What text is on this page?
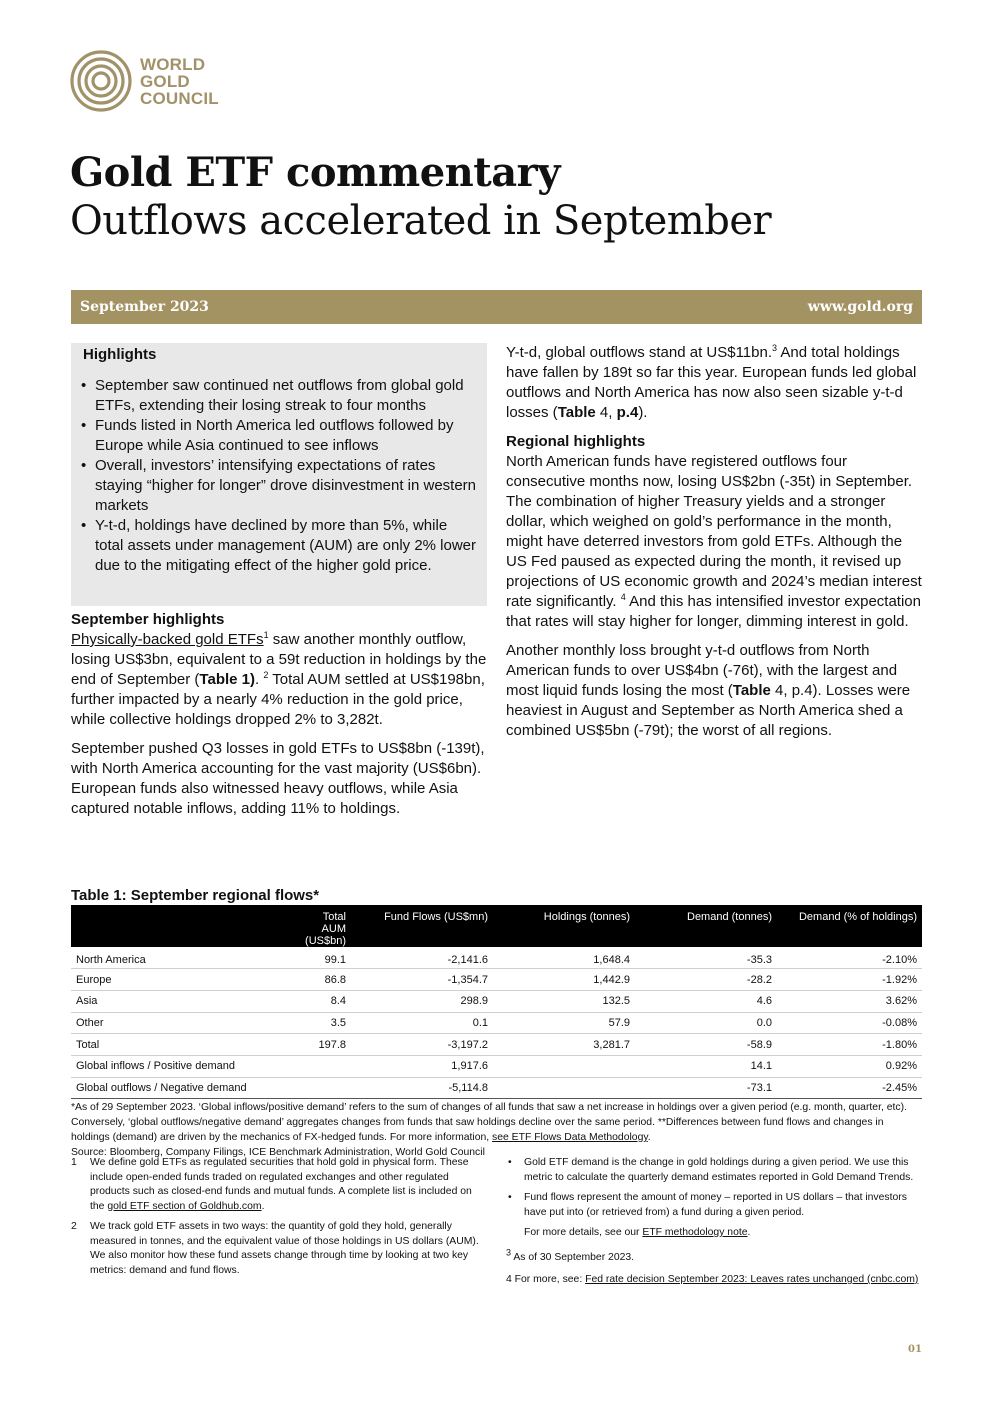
WORLD
GOLD
COUNCIL
Gold ETF commentary
Outflows accelerated in September
September 2023	www.gold.org
Highlights
• September saw continued net outflows from global gold ETFs, extending their losing streak to four months
• Funds listed in North America led outflows followed by Europe while Asia continued to see inflows
• Overall, investors’ intensifying expectations of rates staying “higher for longer” drove disinvestment in western markets
• Y-t-d, holdings have declined by more than 5%, while total assets under management (AUM) are only 2% lower due to the mitigating effect of the higher gold price.
September highlights

Physically-backed gold ETFs$^1$ saw another monthly outflow, losing US$3bn, equivalent to a 59t reduction in holdings by the end of September (Table 1). $^2$ Total AUM settled at US$198bn, further impacted by a nearly 4% reduction in the gold price, while collective holdings dropped 2% to 3,282t.

September pushed Q3 losses in gold ETFs to US$8bn (-139t), with North America accounting for the vast majority (US$6bn). European funds also witnessed heavy outflows, while Asia captured notable inflows, adding 11% to holdings.

Y-t-d, global outflows stand at US$11bn.$^3$ And total holdings have fallen by 189t so far this year. European funds led global outflows and North America has now also seen sizable y-t-d losses (Table 4, p.4).

Regional highlights

North American funds have registered outflows four consecutive months now, losing US$2bn (-35t) in September. The combination of higher Treasury yields and a stronger dollar, which weighed on gold’s performance in the month, might have deterred investors from gold ETFs. Although the US Fed paused as expected during the month, it revised up projections of US economic growth and 2024’s median interest rate significantly. $^4$ And this has intensified investor expectation that rates will stay higher for longer, dimming interest in gold.

Another monthly loss brought y-t-d outflows from North American funds to over US$4bn (-76t), with the largest and most liquid funds losing the most (Table 4, p.4). Losses were heaviest in August and September as North America shed a combined US$5bn (-79t); the worst of all regions.

Table 1: September regional flows*
	Total AUM (US$bn)	Fund Flows (US$mn)	Holdings (tonnes)	Demand (tonnes)	Demand (% of holdings)
North America	99.1	-2,141.6	1,648.4	-35.3	-2.10%
Europe	86.8	-1,354.7	1,442.9	-28.2	-1.92%
Asia	8.4	298.9	132.5	4.6	3.62%
Other	3.5	0.1	57.9	0.0	-0.08%
Total	197.8	-3,197.2	3,281.7	-58.9	-1.80%
Global inflows / Positive demand		1,917.6		14.1	0.92%
Global outflows / Negative demand		-5,114.8		-73.1	-2.45%
*As of 29 September 2023. ‘Global inflows/positive demand’ refers to the sum of changes of all funds that saw a net increase in holdings over a given period (e.g. month, quarter, etc). Conversely, ‘global outflows/negative demand’ aggregates changes from funds that saw holdings decline over the same period. **Differences between fund flows and changes in holdings (demand) are driven by the mechanics of FX-hedged funds. For more information, see ETF Flows Data Methodology.
Source: Bloomberg, Company Filings, ICE Benchmark Administration, World Gold Council
1	We define gold ETFs as regulated securities that hold gold in physical form. These include open-ended funds traded on regulated exchanges and other regulated products such as closed-end funds and mutual funds. A complete list is included on the gold ETF section of Goldhub.com.
2	We track gold ETF assets in two ways: the quantity of gold they hold, generally measured in tonnes, and the equivalent value of those holdings in US dollars (AUM). We also monitor how these fund assets change through time by looking at two key metrics: demand and fund flows.
• Gold ETF demand is the change in gold holdings during a given period. We use this metric to calculate the quarterly demand estimates reported in Gold Demand Trends.
• Fund flows represent the amount of money – reported in US dollars – that investors have put into (or retrieved from) a fund during a given period.
For more details, see our ETF methodology note.
$^3$ As of 30 September 2023.
4 For more, see: Fed rate decision September 2023: Leaves rates unchanged (cnbc.com)
01
